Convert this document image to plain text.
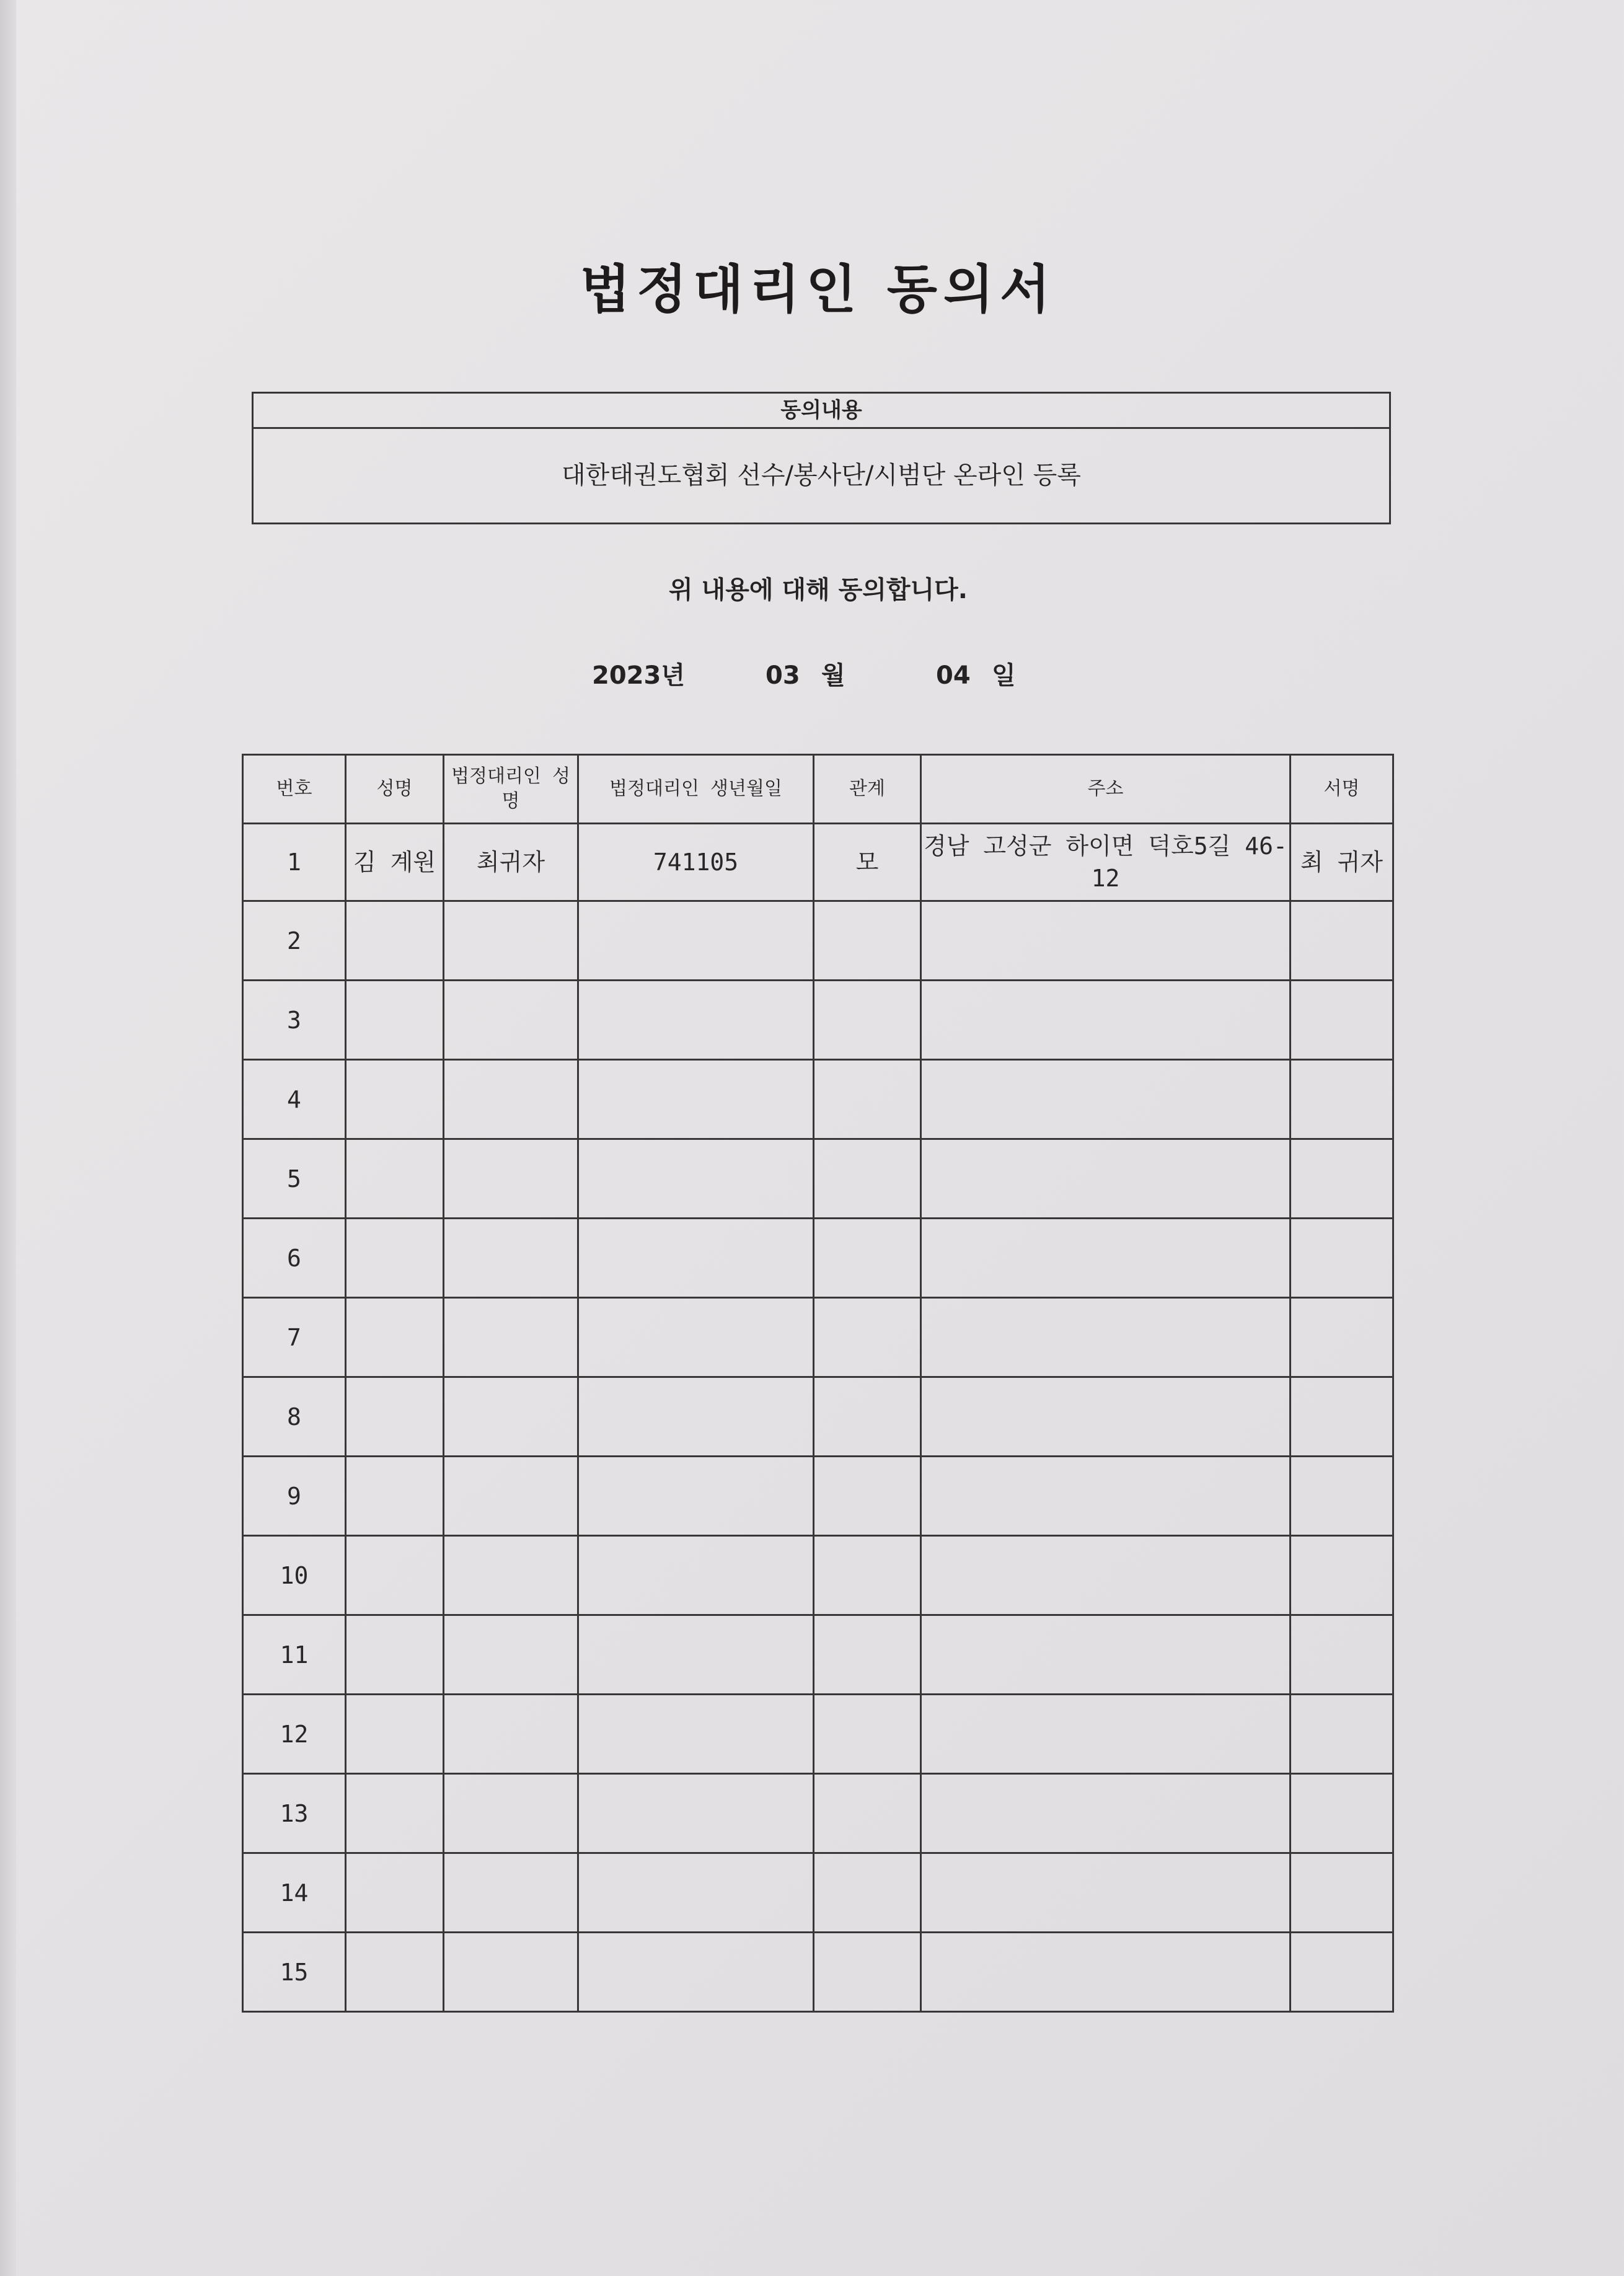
법정대리인 동의서
동의내용
대한태권도협회 선수/봉사단/시범단 온라인 등록
위 내용에 대해 동의합니다.
2023년	03 월	04 일
번호	성명	법정대리인 성명	법정대리인 생년월일	관계	주소	서명
1	김 계원	최귀자	741105	모	경남 고성군 하이면 덕호5길 46-12	최 귀자
2						
3						
4						
5						
6						
7						
8						
9						
10						
11						
12						
13						
14						
15						
